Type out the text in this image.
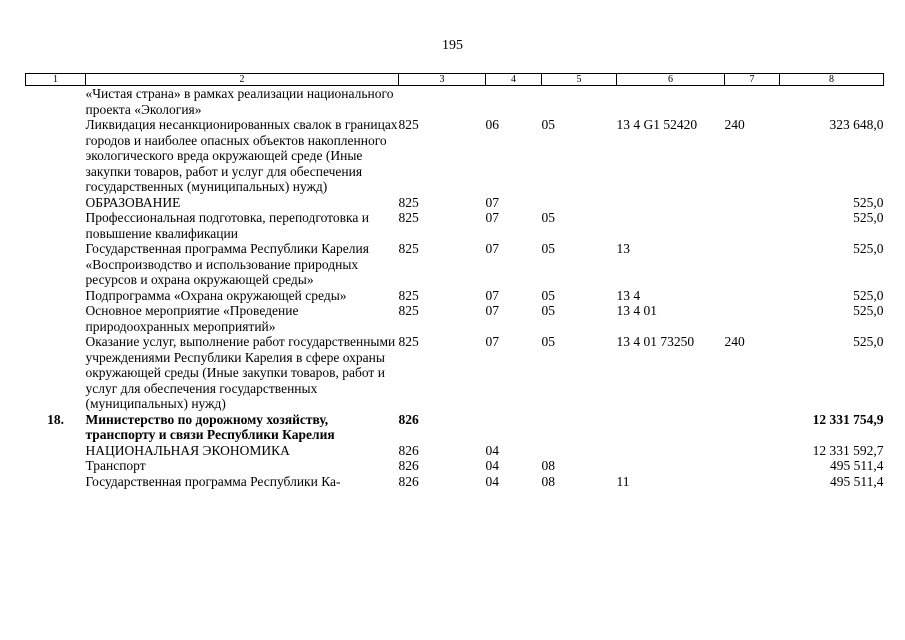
195
1	2	3	4	5	6	7	8
	«Чистая страна» в рамках реализации национального проекта «Экология»						
	Ликвидация несанкционированных свалок в границах городов и наиболее опасных объектов накопленного экологического вреда окружающей среде (Иные закупки товаров, работ и услуг для обеспечения государственных (муниципальных) нужд)	825	06	05	13 4 G1 52420	240	323 648,0
	ОБРАЗОВАНИЕ	825	07				525,0
	Профессиональная подготовка, переподготовка и повышение квалификации	825	07	05			525,0
	Государственная программа Республики Карелия «Воспроизводство и использование природных ресурсов и охрана окружающей среды»	825	07	05	13		525,0
	Подпрограмма «Охрана окружающей среды»	825	07	05	13 4		525,0
	Основное мероприятие «Проведение природоохранных мероприятий»	825	07	05	13 4 01		525,0
	Оказание услуг, выполнение работ государственными учреждениями Республики Карелия в сфере охраны окружающей среды (Иные закупки товаров, работ и услуг для обеспечения государственных (муниципальных) нужд)	825	07	05	13 4 01 73250	240	525,0
18.	Министерство по дорожному хозяйству, транспорту и связи Республики Карелия	826					12 331 754,9
	НАЦИОНАЛЬНАЯ ЭКОНОМИКА	826	04				12 331 592,7
	Транспорт	826	04	08			495 511,4
	Государственная программа Республики Ка-	826	04	08	11		495 511,4
